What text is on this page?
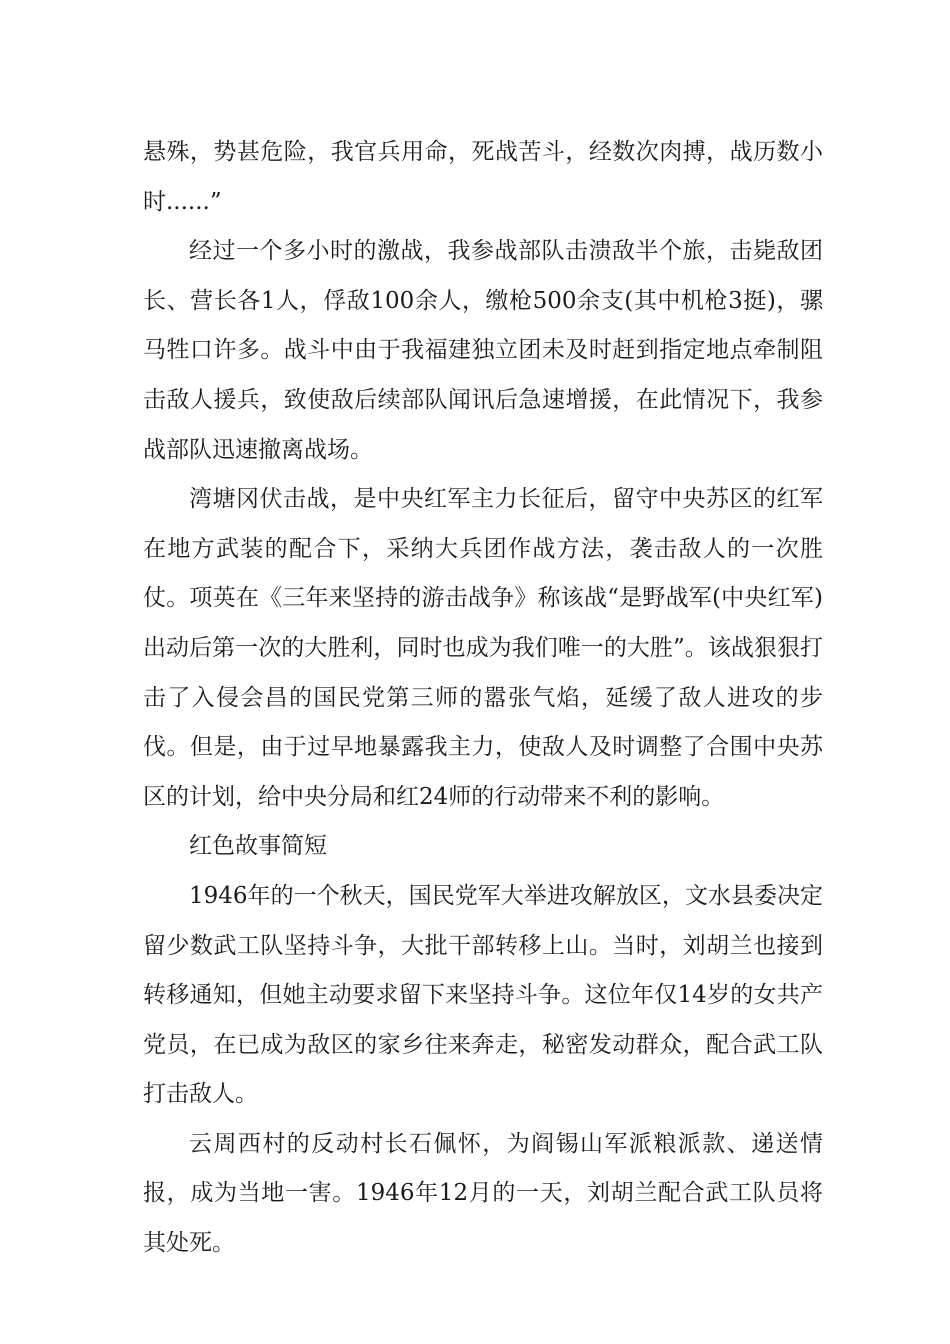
悬殊，势甚危险，我官兵用命，死战苦斗，经数次肉搏，战历数小时......”

经过一个多小时的激战，我参战部队击溃敌半个旅，击毙敌团长、营长各1人，俘敌100余人，缴枪500余支(其中机枪3挺)，骡马牲口许多。战斗中由于我福建独立团未及时赶到指定地点牵制阻击敌人援兵，致使敌后续部队闻讯后急速增援，在此情况下，我参战部队迅速撤离战场。

湾塘冈伏击战，是中央红军主力长征后，留守中央苏区的红军在地方武装的配合下，采纳大兵团作战方法，袭击敌人的一次胜仗。项英在《三年来坚持的游击战争》称该战“是野战军(中央红军)出动后第一次的大胜利，同时也成为我们唯一的大胜”。该战狠狠打击了入侵会昌的国民党第三师的嚣张气焰，延缓了敌人进攻的步伐。但是，由于过早地暴露我主力，使敌人及时调整了合围中央苏区的计划，给中央分局和红24师的行动带来不利的影响。

红色故事简短

1946年的一个秋天，国民党军大举进攻解放区，文水县委决定留少数武工队坚持斗争，大批干部转移上山。当时，刘胡兰也接到转移通知，但她主动要求留下来坚持斗争。这位年仅14岁的女共产党员，在已成为敌区的家乡往来奔走，秘密发动群众，配合武工队打击敌人。

云周西村的反动村长石佩怀，为阎锡山军派粮派款、递送情报，成为当地一害。1946年12月的一天，刘胡兰配合武工队员将其处死。
